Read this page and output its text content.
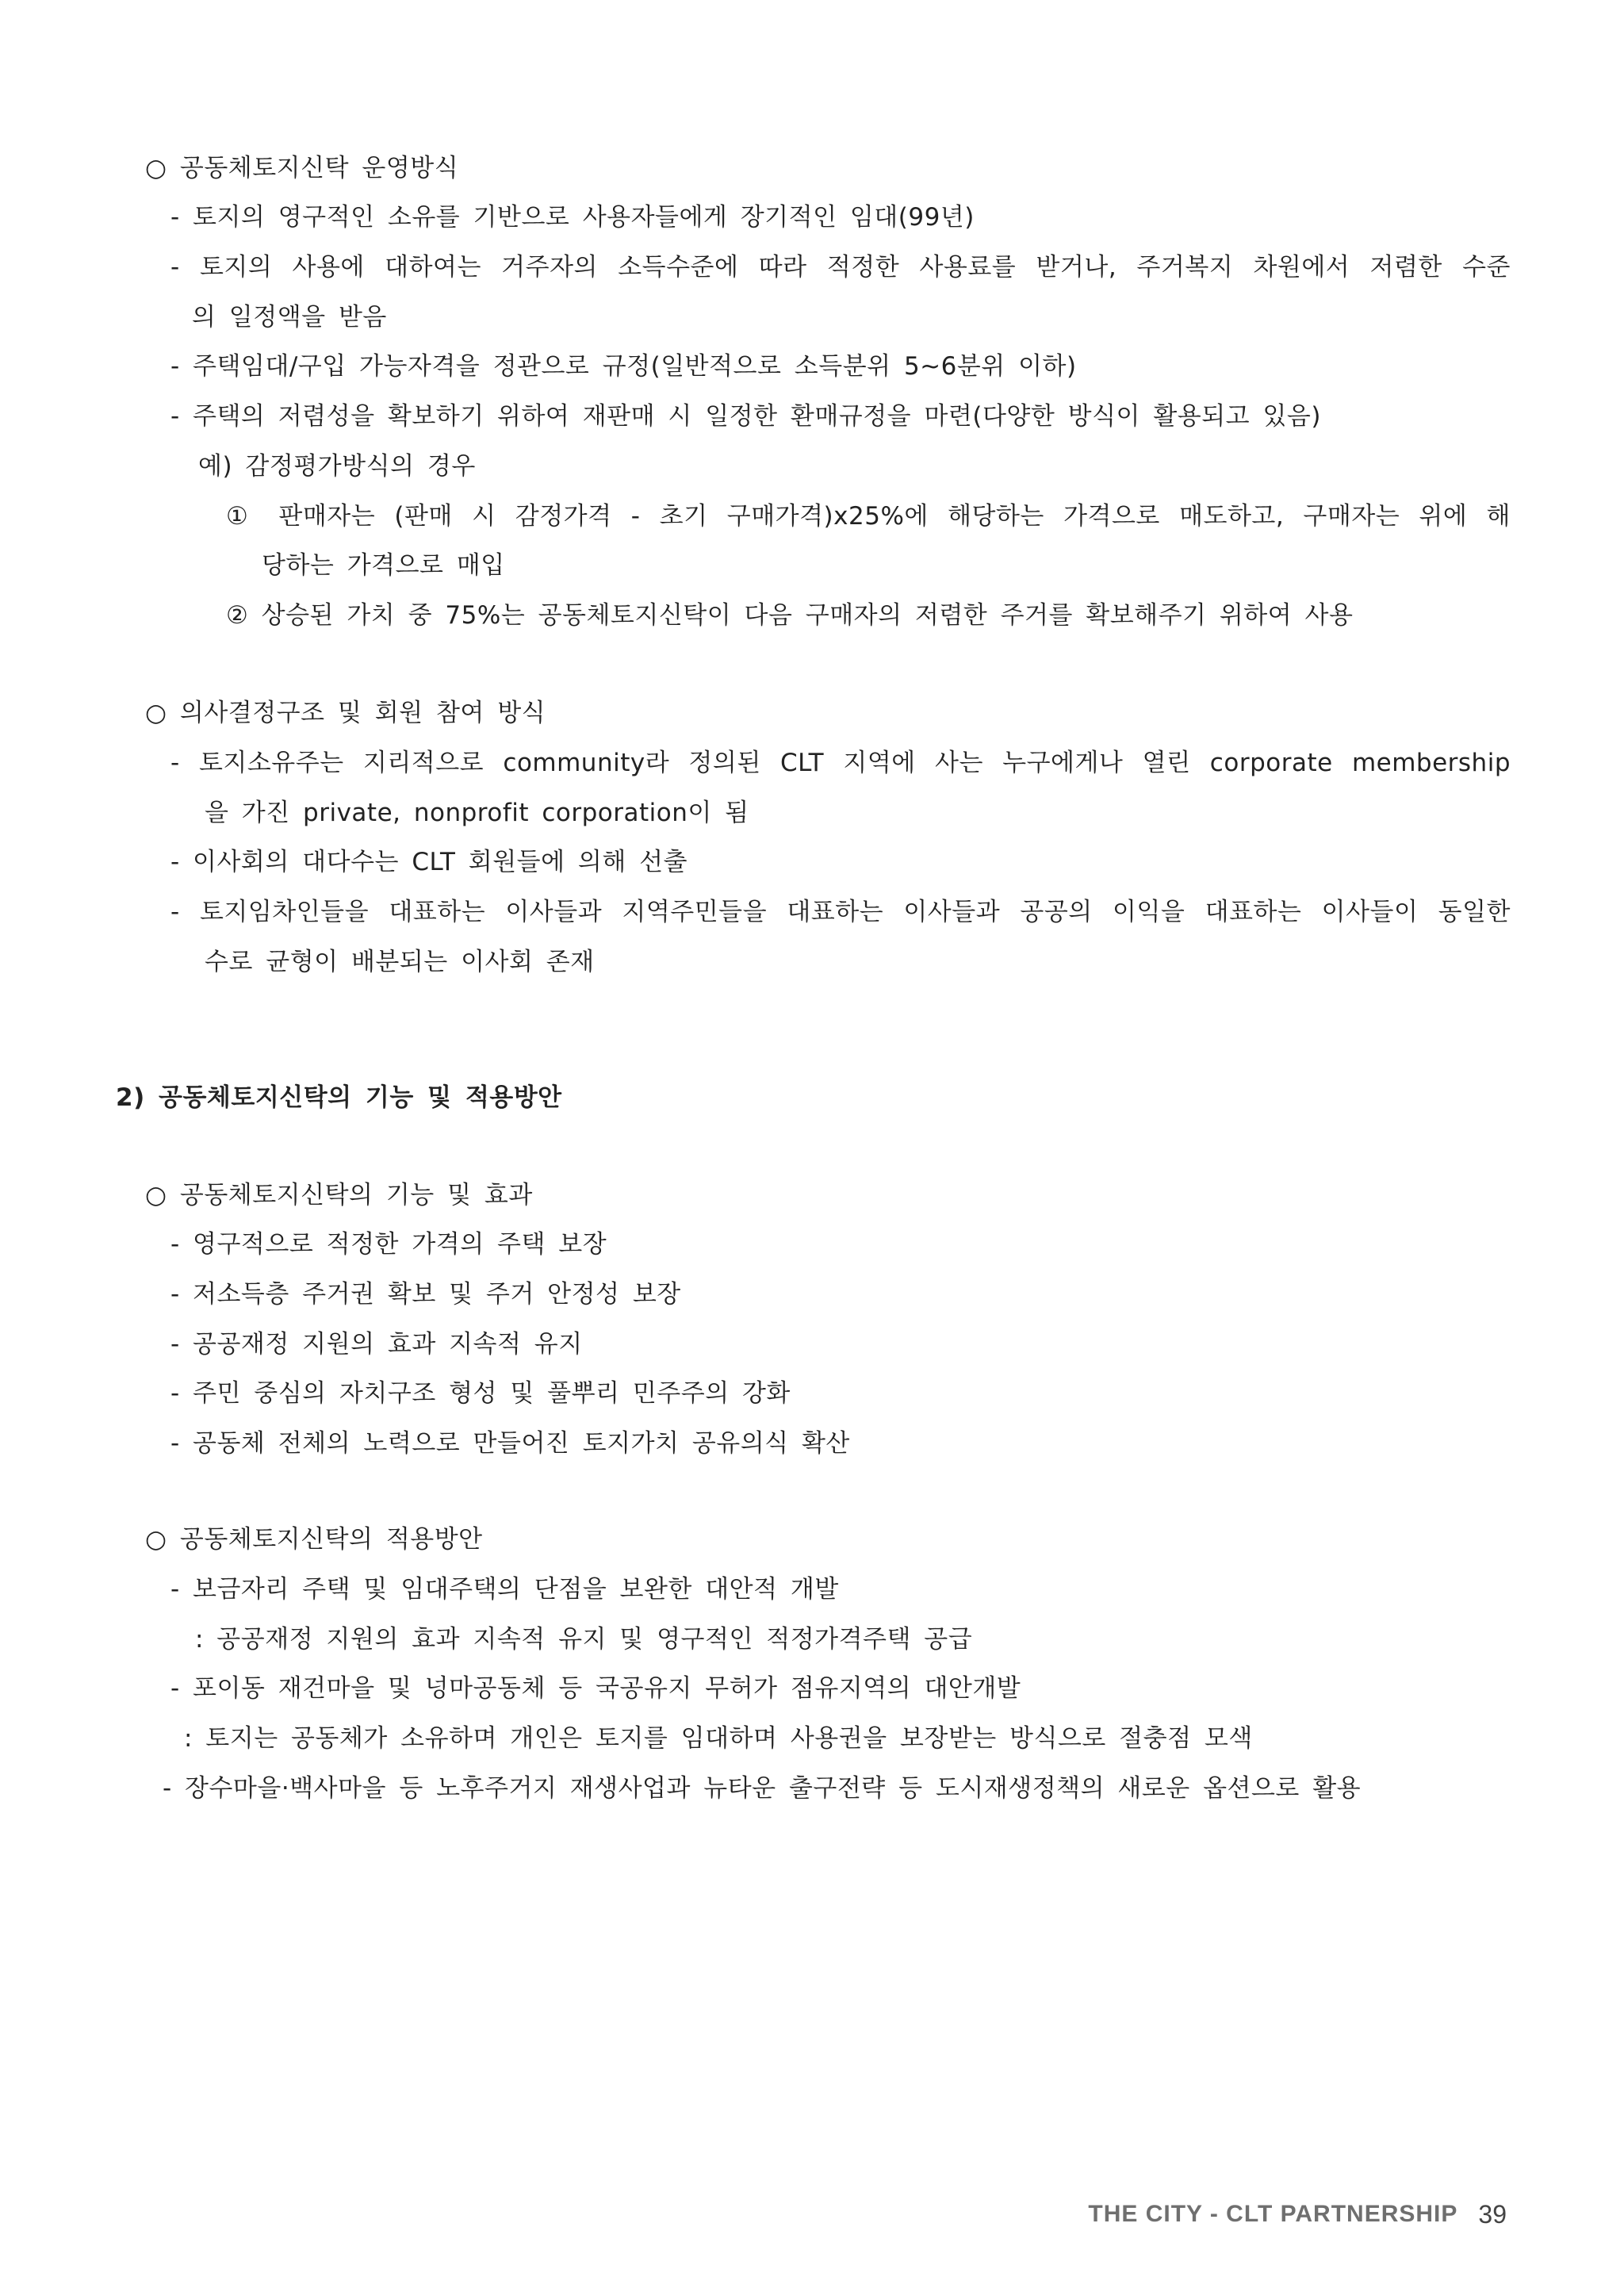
○ 공동체토지신탁 운영방식
- 토지의 영구적인 소유를 기반으로 사용자들에게 장기적인 임대(99년)
- 토지의 사용에 대하여는 거주자의 소득수준에 따라 적정한 사용료를 받거나, 주거복지 차원에서 저렴한 수준
의 일정액을 받음
- 주택임대/구입 가능자격을 정관으로 규정(일반적으로 소득분위 5~6분위 이하)
- 주택의 저렴성을 확보하기 위하여 재판매 시 일정한 환매규정을 마련(다양한 방식이 활용되고 있음)
예) 감정평가방식의 경우
① 판매자는 (판매 시 감정가격 - 초기 구매가격)x25%에 해당하는 가격으로 매도하고, 구매자는 위에 해
당하는 가격으로 매입
② 상승된 가치 중 75%는 공동체토지신탁이 다음 구매자의 저렴한 주거를 확보해주기 위하여 사용
○ 의사결정구조 및 회원 참여 방식
- 토지소유주는 지리적으로 community라 정의된 CLT 지역에 사는 누구에게나 열린 corporate membership
을 가진 private, nonprofit corporation이 됨
- 이사회의 대다수는 CLT 회원들에 의해 선출
- 토지임차인들을 대표하는 이사들과 지역주민들을 대표하는 이사들과 공공의 이익을 대표하는 이사들이 동일한
수로 균형이 배분되는 이사회 존재
2) 공동체토지신탁의 기능 및 적용방안
○ 공동체토지신탁의 기능 및 효과
- 영구적으로 적정한 가격의 주택 보장
- 저소득층 주거권 확보 및 주거 안정성 보장
- 공공재정 지원의 효과 지속적 유지
- 주민 중심의 자치구조 형성 및 풀뿌리 민주주의 강화
- 공동체 전체의 노력으로 만들어진 토지가치 공유의식 확산
○ 공동체토지신탁의 적용방안
- 보금자리 주택 및 임대주택의 단점을 보완한 대안적 개발
: 공공재정 지원의 효과 지속적 유지 및 영구적인 적정가격주택 공급
- 포이동 재건마을 및 넝마공동체 등 국공유지 무허가 점유지역의 대안개발
: 토지는 공동체가 소유하며 개인은 토지를 임대하며 사용권을 보장받는 방식으로 절충점 모색
- 장수마을·백사마을 등 노후주거지 재생사업과 뉴타운 출구전략 등 도시재생정책의 새로운 옵션으로 활용
THE CITY - CLT PARTNERSHIP 39
